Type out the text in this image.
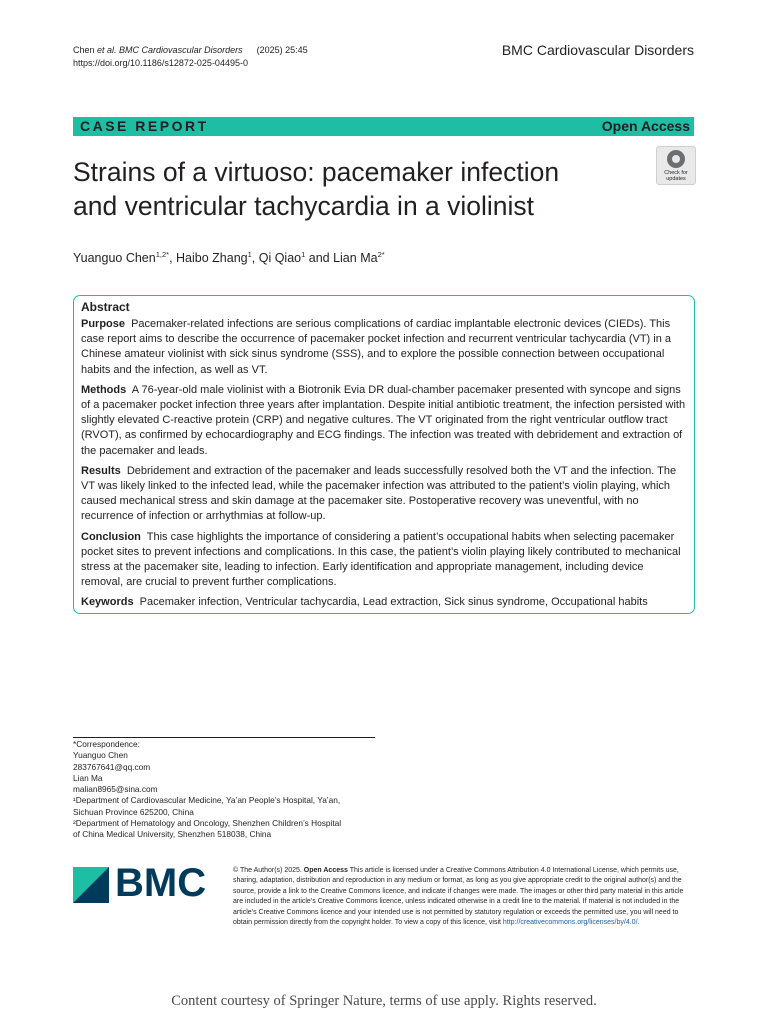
Chen et al. BMC Cardiovascular Disorders (2025) 25:45
https://doi.org/10.1186/s12872-025-04495-0
BMC Cardiovascular Disorders
CASE REPORT	Open Access
Strains of a virtuoso: pacemaker infection
and ventricular tachycardia in a violinist
Check for
updates
Yuanguo Chen$^{1,2*}$, Haibo Zhang$^1$, Qi Qiao$^1$ and Lian $Ma^{2*}$
Abstract

Purpose Pacemaker-related infections are serious complications of cardiac implantable electronic devices (CIEDs). This case report aims to describe the occurrence of pacemaker pocket infection and recurrent ventricular tachycardia (VT) in a Chinese amateur violinist with sick sinus syndrome (SSS), and to explore the possible connection between occupational habits and the infection, as well as VT.

Methods A 76-year-old male violinist with a Biotronik Evia DR dual-chamber pacemaker presented with syncope and signs of a pacemaker pocket infection three years after implantation. Despite initial antibiotic treatment, the infection persisted with slightly elevated C-reactive protein (CRP) and negative cultures. The VT originated from the right ventricular outflow tract (RVOT), as confirmed by echocardiography and ECG findings. The infection was treated with debridement and extraction of the pacemaker and leads.

Results Debridement and extraction of the pacemaker and leads successfully resolved both the VT and the infection. The VT was likely linked to the infected lead, while the pacemaker infection was attributed to the patient’s violin playing, which caused mechanical stress and skin damage at the pacemaker site. Postoperative recovery was uneventful, with no recurrence of infection or arrhythmias at follow-up.

Conclusion This case highlights the importance of considering a patient’s occupational habits when selecting pacemaker pocket sites to prevent infections and complications. In this case, the patient’s violin playing likely contributed to mechanical stress at the pacemaker site, leading to infection. Early identification and appropriate management, including device removal, are crucial to prevent further complications.

Keywords Pacemaker infection, Ventricular tachycardia, Lead extraction, Sick sinus syndrome, Occupational habits

*Correspondence:
Yuanguo Chen
283767641@qq.com
Lian Ma
malian8965@sina.com
¹Department of Cardiovascular Medicine, Ya’an People’s Hospital, Ya’an,
Sichuan Province 625200, China
²Department of Hematology and Oncology, Shenzhen Children’s Hospital
of China Medical University, Shenzhen 518038, China
BMC	© The Author(s) 2025. Open Access This article is licensed under a Creative Commons Attribution 4.0 International License, which permits use, sharing, adaptation, distribution and reproduction in any medium or format, as long as you give appropriate credit to the original author(s) and the source, provide a link to the Creative Commons licence, and indicate if changes were made. The images or other third party material in this article are included in the article’s Creative Commons licence, unless indicated otherwise in a credit line to the material. If material is not included in the article’s Creative Commons licence and your intended use is not permitted by statutory regulation or exceeds the permitted use, you will need to obtain permission directly from the copyright holder. To view a copy of this licence, visit http://creativecommons.org/licenses/by/4.0/.
Content courtesy of Springer Nature, terms of use apply. Rights reserved.
